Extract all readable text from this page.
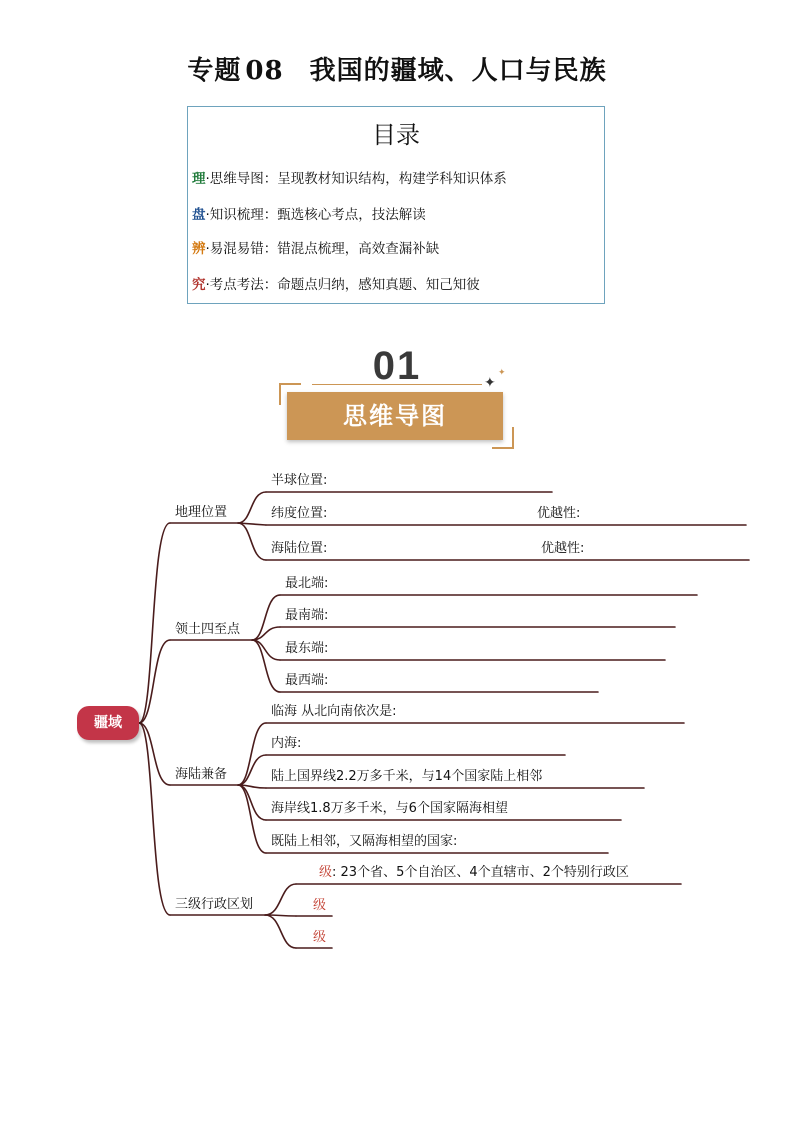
专题 08 我国的疆域、人口与民族
目录
理·思维导图：呈现教材知识结构，构建学科知识体系
盘·知识梳理：甄选核心考点，技法解读
辨·易混易错：错混点梳理，高效查漏补缺
究·考点考法：命题点归纳，感知真题、知己知彼
01	✦
✦
思维导图
疆域
地理位置
领土四至点
海陆兼备
三级行政区划
半球位置:
纬度位置:	优越性:
海陆位置:	优越性:
最北端:
最南端:
最东端:
最西端:
临海 从北向南依次是:
内海:
陆上国界线2.2万多千米，与14个国家陆上相邻
海岸线1.8万多千米，与6个国家隔海相望
既陆上相邻，又隔海相望的国家:
级: 23个省、5个自治区、4个直辖市、2个特别行政区
级
级
